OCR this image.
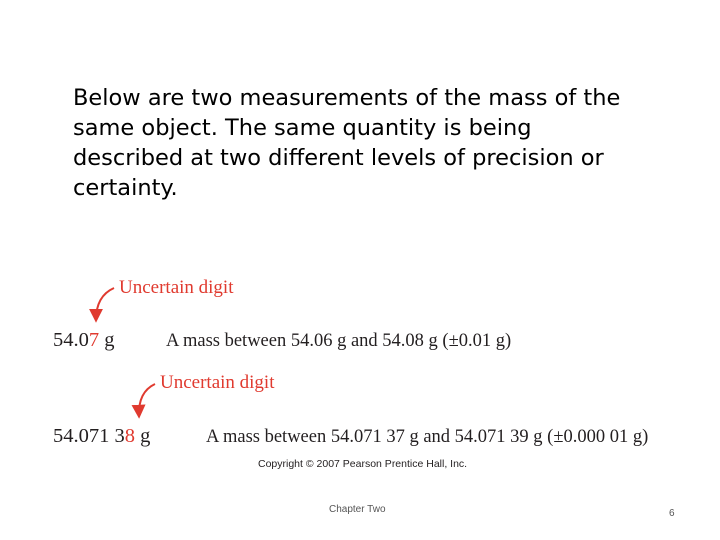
Below are two measurements of the mass of the
same object. The same quantity is being
described at two different levels of precision or
certainty.

Uncertain digit
54.07 g	A mass between 54.06 g and 54.08 g (±0.01 g)
Uncertain digit
54.071 38 g	A mass between 54.071 37 g and 54.071 39 g (±0.000 01 g)
Copyright © 2007 Pearson Prentice Hall, Inc.
Chapter Two	6
